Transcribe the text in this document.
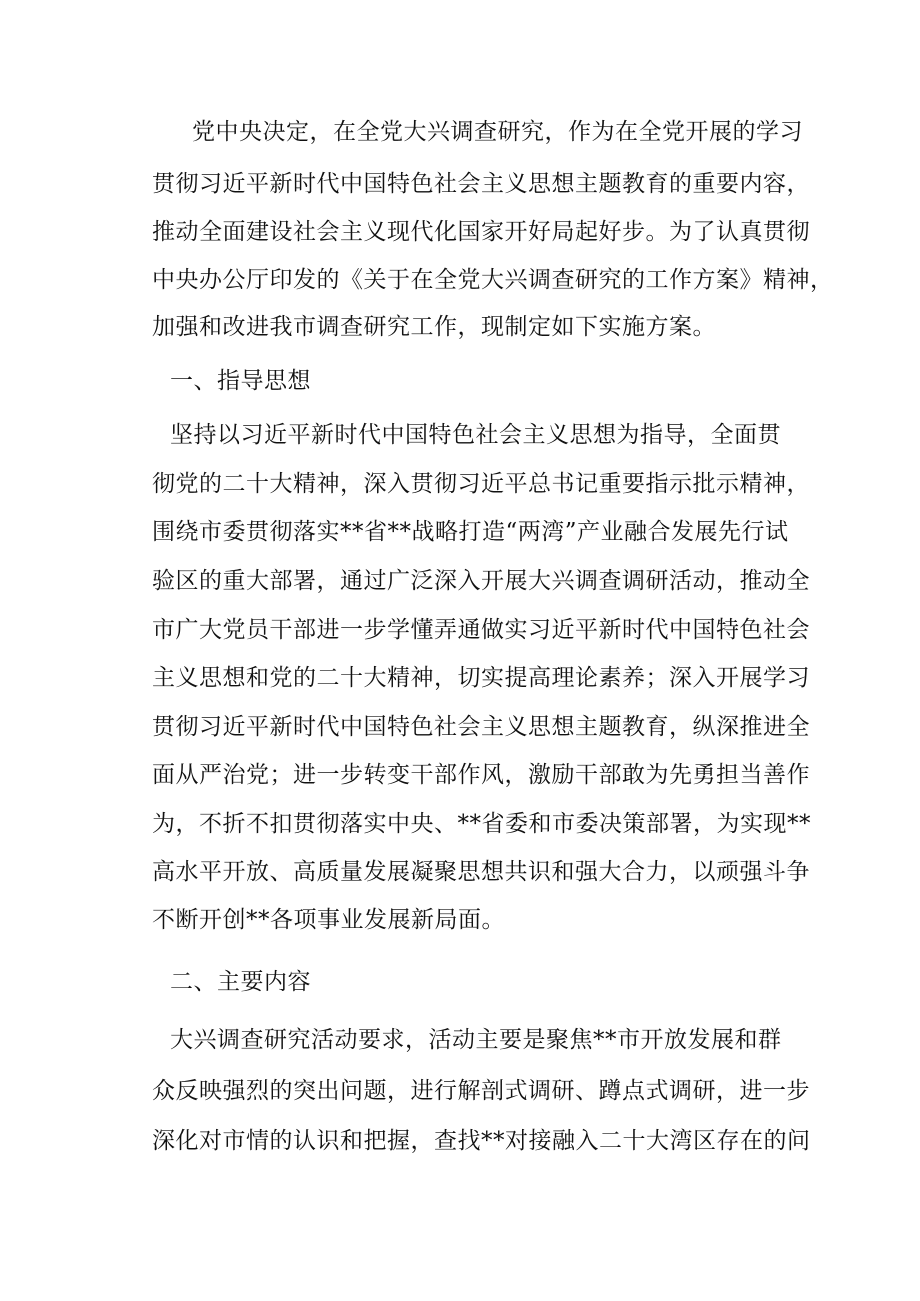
党中央决定，在全党大兴调查研究，作为在全党开展的学习
贯彻习近平新时代中国特色社会主义思想主题教育的重要内容，
推动全面建设社会主义现代化国家开好局起好步。为了认真贯彻
中央办公厅印发的《关于在全党大兴调查研究的工作方案》精神，
加强和改进我市调查研究工作，现制定如下实施方案。
一、指导思想
坚持以习近平新时代中国特色社会主义思想为指导，全面贯
彻党的二十大精神，深入贯彻习近平总书记重要指示批示精神，
围绕市委贯彻落实**省**战略打造“两湾”产业融合发展先行试
验区的重大部署，通过广泛深入开展大兴调查调研活动，推动全
市广大党员干部进一步学懂弄通做实习近平新时代中国特色社会
主义思想和党的二十大精神，切实提高理论素养；深入开展学习
贯彻习近平新时代中国特色社会主义思想主题教育，纵深推进全
面从严治党；进一步转变干部作风，激励干部敢为先勇担当善作
为，不折不扣贯彻落实中央、**省委和市委决策部署，为实现**
高水平开放、高质量发展凝聚思想共识和强大合力，以顽强斗争
不断开创**各项事业发展新局面。
二、主要内容
大兴调查研究活动要求，活动主要是聚焦**市开放发展和群
众反映强烈的突出问题，进行解剖式调研、蹲点式调研，进一步
深化对市情的认识和把握，查找**对接融入二十大湾区存在的问
